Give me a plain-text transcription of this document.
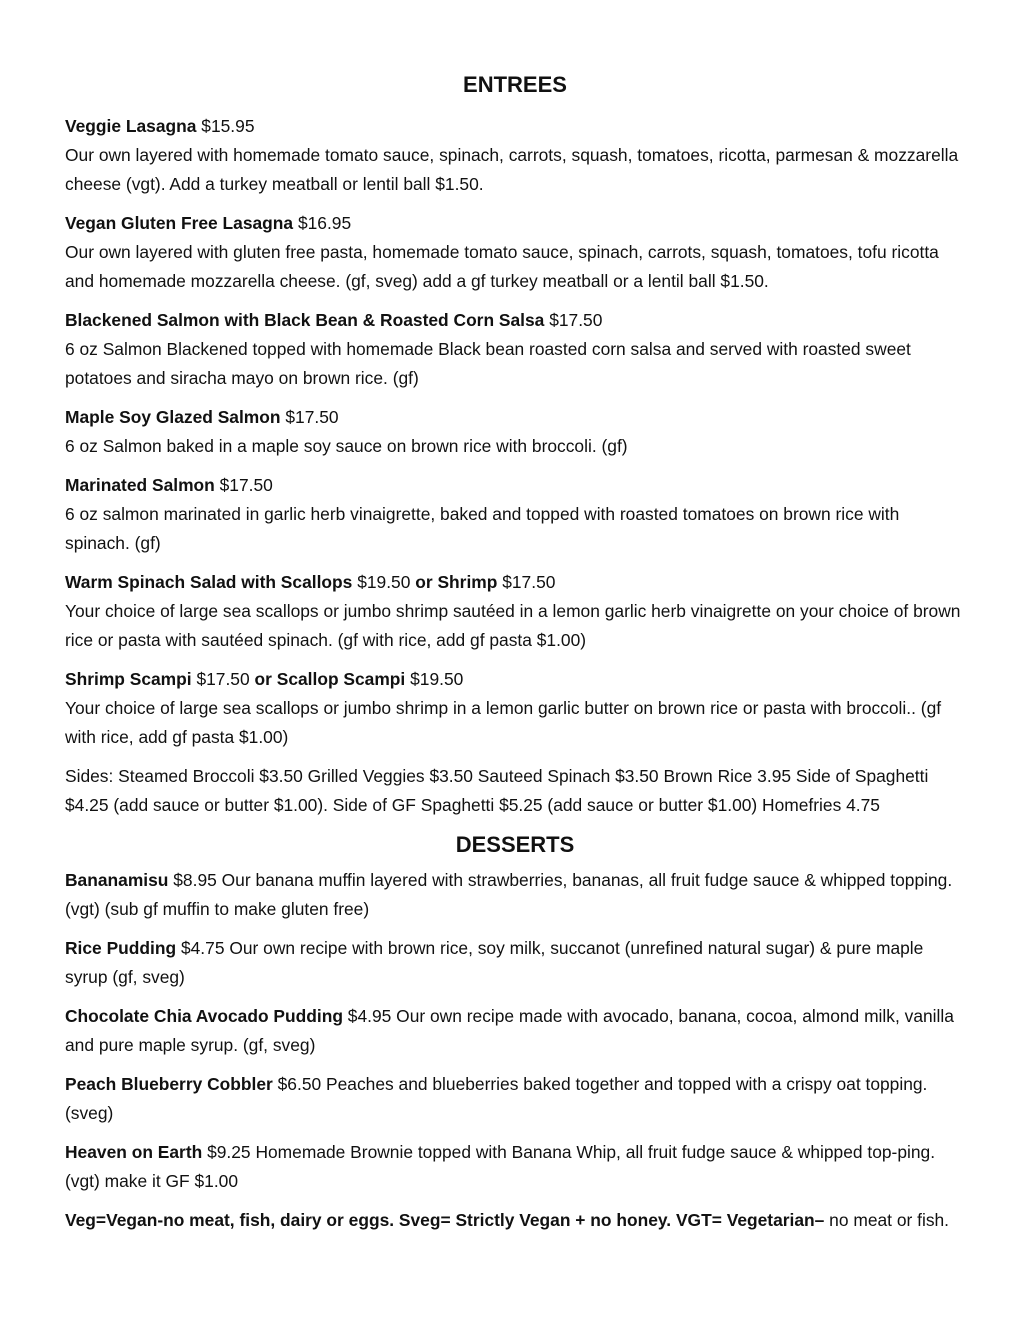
ENTREES
Veggie Lasagna $15.95
Our own layered with homemade tomato sauce, spinach, carrots, squash, tomatoes, ricotta, parmesan & mozzarella cheese (vgt). Add a turkey meatball or lentil ball $1.50.
Vegan Gluten Free Lasagna $16.95
Our own layered with gluten free pasta, homemade tomato sauce, spinach, carrots, squash, tomatoes, tofu ricotta and homemade mozzarella cheese. (gf, sveg) add a gf turkey meatball or a lentil ball $1.50.
Blackened Salmon with Black Bean & Roasted Corn Salsa $17.50
6 oz Salmon Blackened topped with homemade Black bean roasted corn salsa and served with roasted sweet potatoes and siracha mayo on brown rice. (gf)
Maple Soy Glazed Salmon $17.50
6 oz Salmon baked in a maple soy sauce on brown rice with broccoli. (gf)
Marinated Salmon $17.50
6 oz salmon marinated in garlic herb vinaigrette, baked and topped with roasted tomatoes on brown rice with spinach. (gf)
Warm Spinach Salad with Scallops $19.50 or Shrimp $17.50
Your choice of large sea scallops or jumbo shrimp sautéed in a lemon garlic herb vinaigrette on your choice of brown rice or pasta with sautéed spinach. (gf with rice, add gf pasta $1.00)
Shrimp Scampi $17.50 or Scallop Scampi $19.50
Your choice of large sea scallops or jumbo shrimp in a lemon garlic butter on brown rice or pasta with broccoli.. (gf with rice, add gf pasta $1.00)
Sides: Steamed Broccoli $3.50 Grilled Veggies $3.50 Sauteed Spinach $3.50 Brown Rice 3.95 Side of Spaghetti $4.25 (add sauce or butter $1.00). Side of GF Spaghetti $5.25 (add sauce or butter $1.00) Homefries 4.75
DESSERTS
Bananamisu $8.95 Our banana muffin layered with strawberries, bananas, all fruit fudge sauce & whipped topping. (vgt) (sub gf muffin to make gluten free)
Rice Pudding $4.75 Our own recipe with brown rice, soy milk, succanot (unrefined natural sugar) & pure maple syrup (gf, sveg)
Chocolate Chia Avocado Pudding $4.95 Our own recipe made with avocado, banana, cocoa, almond milk, vanilla and pure maple syrup. (gf, sveg)
Peach Blueberry Cobbler $6.50 Peaches and blueberries baked together and topped with a crispy oat topping. (sveg)
Heaven on Earth $9.25 Homemade Brownie topped with Banana Whip, all fruit fudge sauce & whipped top-ping. (vgt) make it GF $1.00
Veg=Vegan-no meat, fish, dairy or eggs. Sveg= Strictly Vegan + no honey. VGT= Vegetarian– no meat or fish.
